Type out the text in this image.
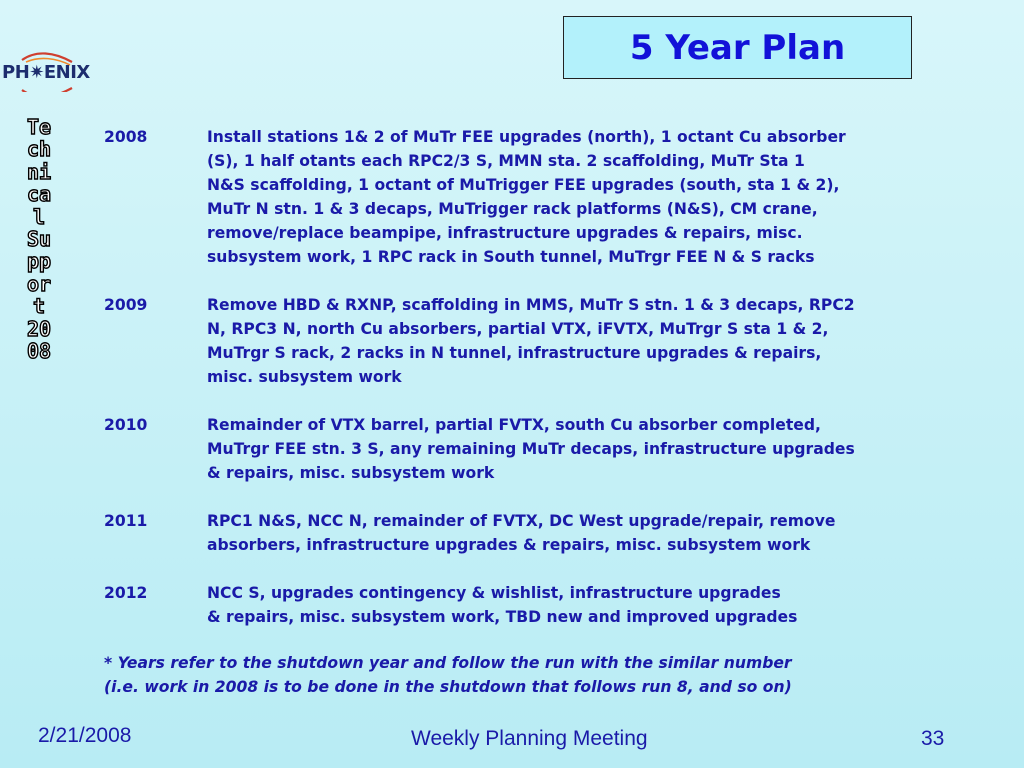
PH✷ENIX
5 Year Plan
Technical Support 2008
2008	Install stations 1& 2 of MuTr FEE upgrades (north), 1 octant Cu absorber
(S), 1 half otants each RPC2/3 S, MMN sta. 2 scaffolding, MuTr Sta 1
N&S scaffolding, 1 octant of MuTrigger FEE upgrades (south, sta 1 & 2),
MuTr N stn. 1 & 3 decaps, MuTrigger rack platforms (N&S), CM crane,
remove/replace beampipe, infrastructure upgrades & repairs, misc.
subsystem work, 1 RPC rack in South tunnel, MuTrgr FEE N & S racks
2009	Remove HBD & RXNP, scaffolding in MMS, MuTr S stn. 1 & 3 decaps, RPC2
N, RPC3 N, north Cu absorbers, partial VTX, iFVTX, MuTrgr S sta 1 & 2,
MuTrgr S rack, 2 racks in N tunnel, infrastructure upgrades & repairs,
misc. subsystem work
2010	Remainder of VTX barrel, partial FVTX, south Cu absorber completed,
MuTrgr FEE stn. 3 S, any remaining MuTr decaps, infrastructure upgrades
& repairs, misc. subsystem work
2011	RPC1 N&S, NCC N, remainder of FVTX, DC West upgrade/repair, remove
absorbers, infrastructure upgrades & repairs, misc. subsystem work
2012	NCC S, upgrades contingency & wishlist, infrastructure upgrades
& repairs, misc. subsystem work, TBD new and improved upgrades
* Years refer to the shutdown year and follow the run with the similar number
(i.e. work in 2008 is to be done in the shutdown that follows run 8, and so on)
2/21/2008	Weekly Planning Meeting	33
